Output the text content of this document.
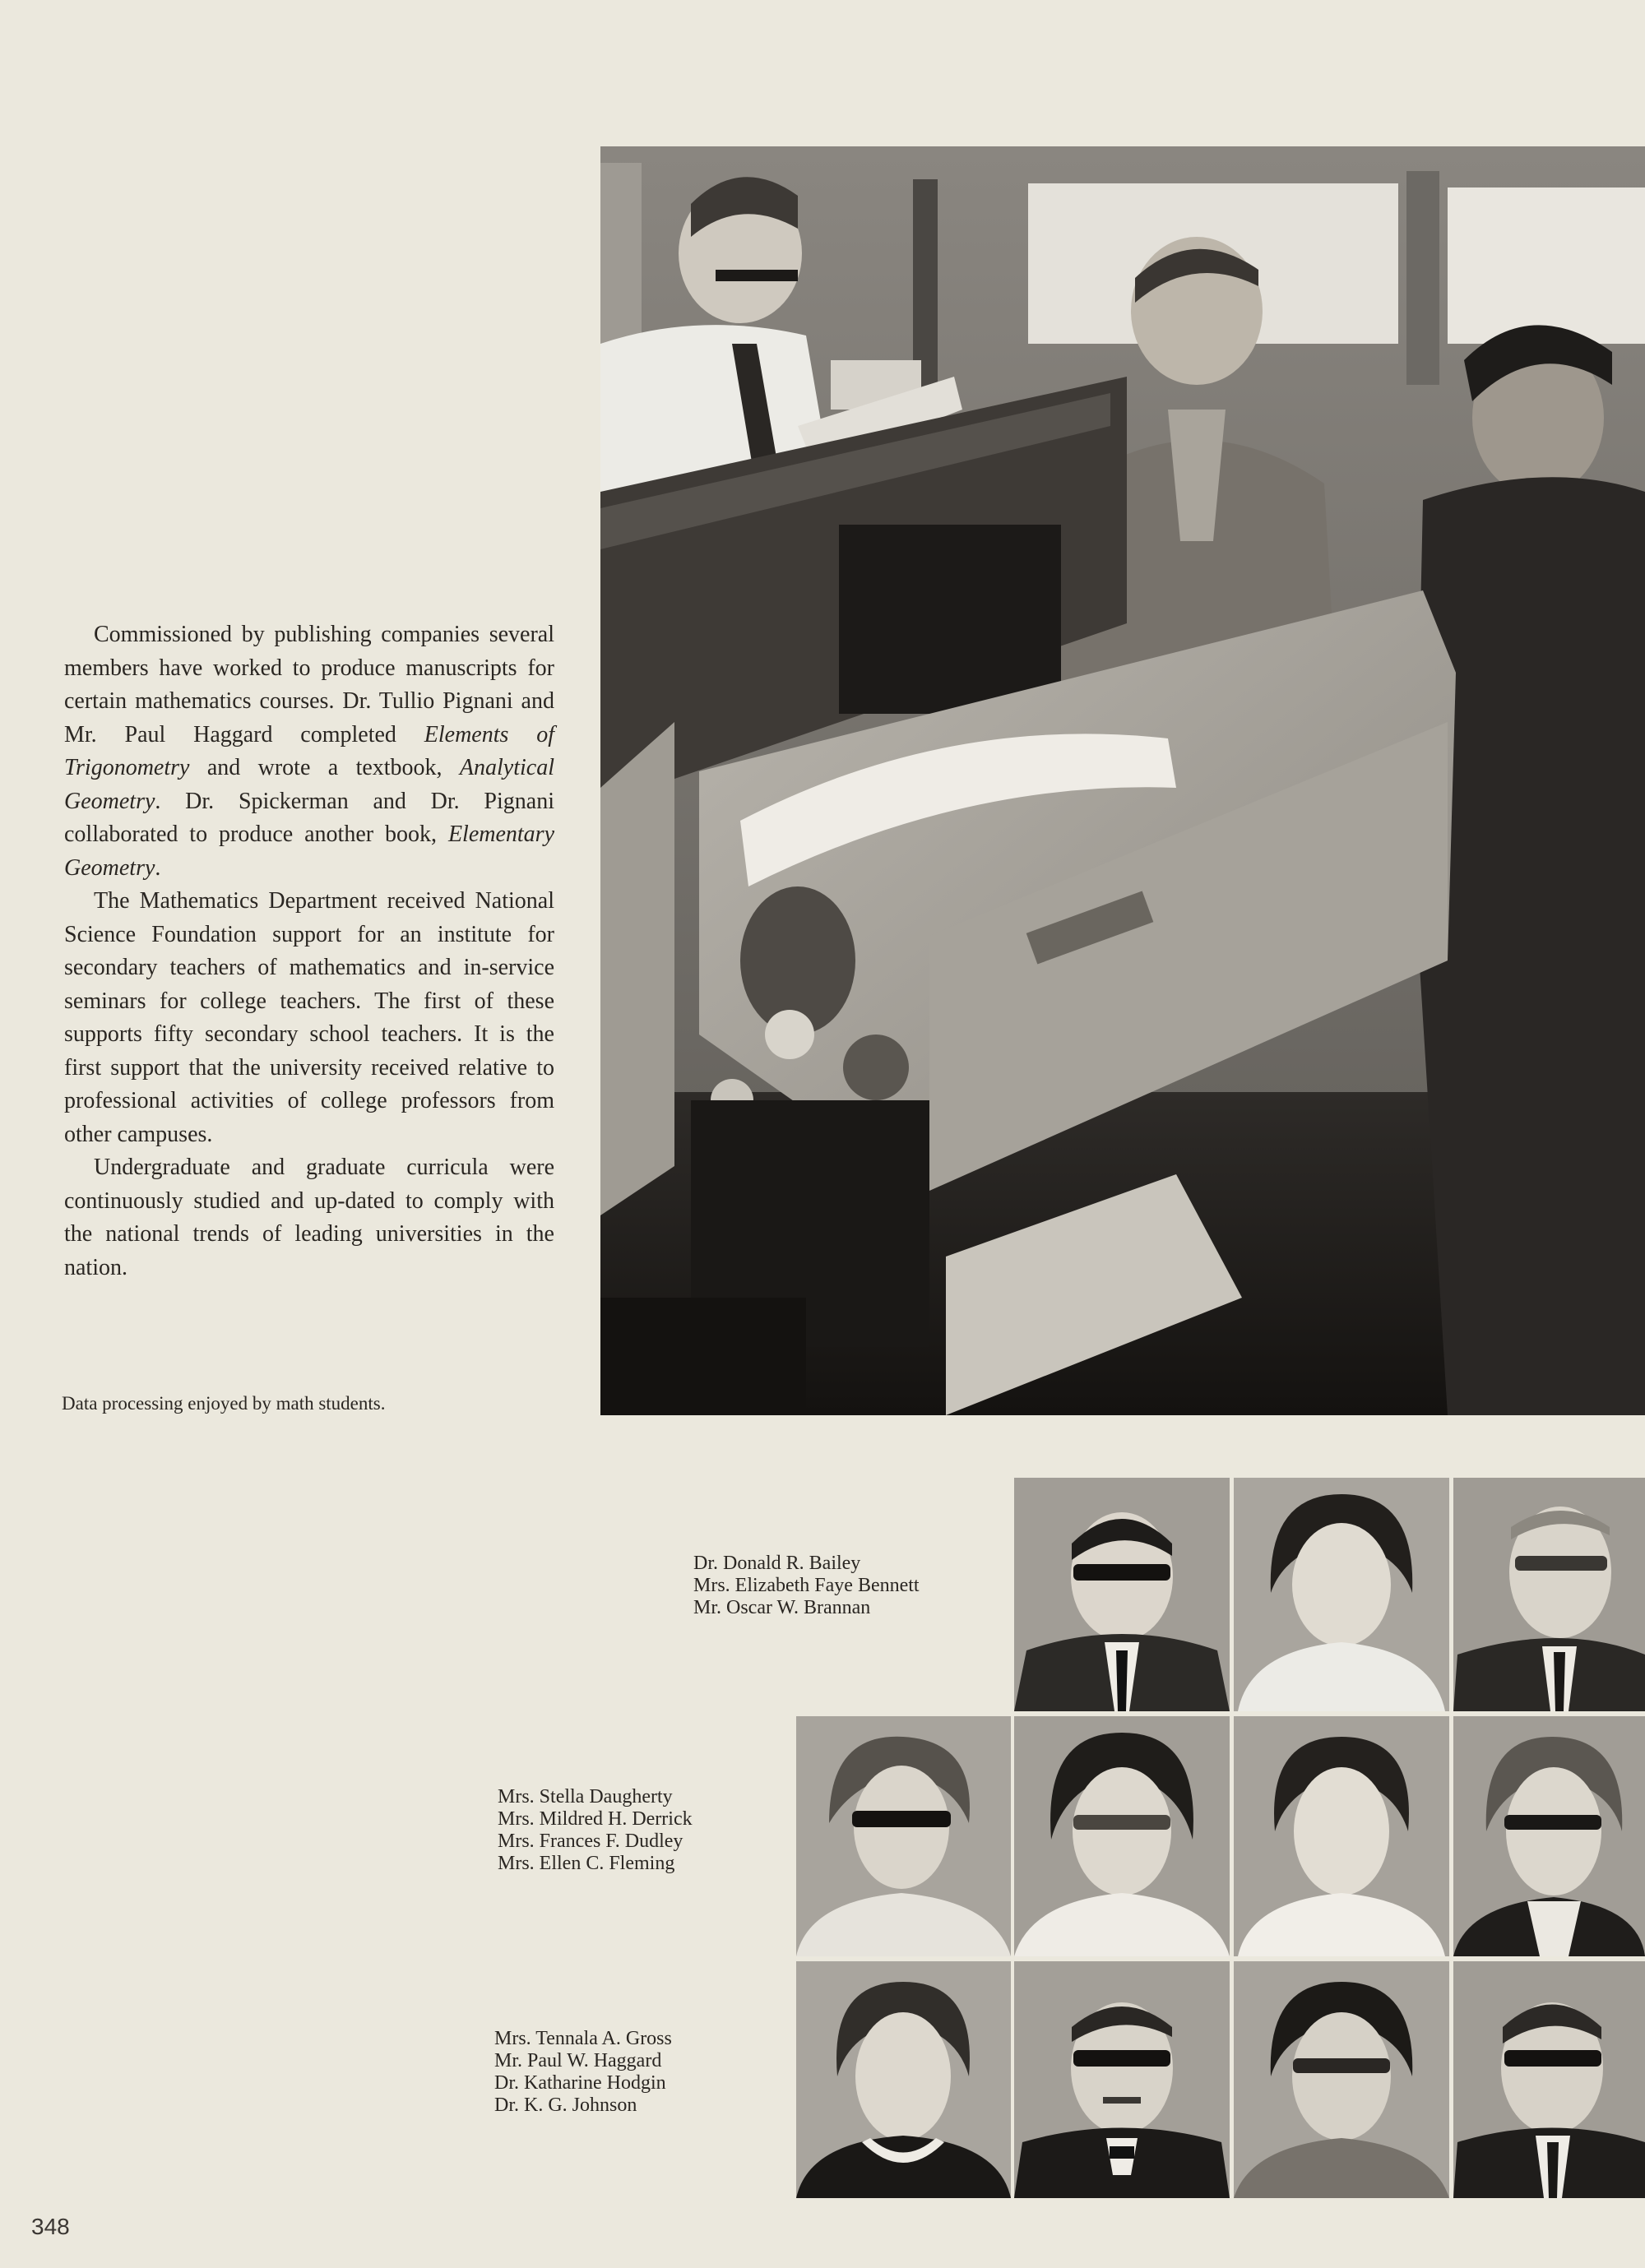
Commissioned by publishing companies several members have worked to produce manuscripts for certain mathematics courses. Dr. Tullio Pignani and Mr. Paul Haggard completed Elements of Trigonometry and wrote a textbook, Analytical Geometry. Dr. Spickerman and Dr. Pignani collaborated to produce another book, Elementary Geometry.

The Mathematics Department received National Science Foundation support for an institute for secondary teachers of mathematics and in-service seminars for college teachers. The first of these supports fifty secondary school teachers. It is the first support that the university received relative to professional activities of college professors from other campuses.

Undergraduate and graduate curricula were continuously studied and up-dated to comply with the national trends of leading universities in the nation.

Data processing enjoyed by math students.
Dr. Donald R. Bailey
Mrs. Elizabeth Faye Bennett
Mr. Oscar W. Brannan
Mrs. Stella Daugherty
Mrs. Mildred H. Derrick
Mrs. Frances F. Dudley
Mrs. Ellen C. Fleming
Mrs. Tennala A. Gross
Mr. Paul W. Haggard
Dr. Katharine Hodgin
Dr. K. G. Johnson
348
